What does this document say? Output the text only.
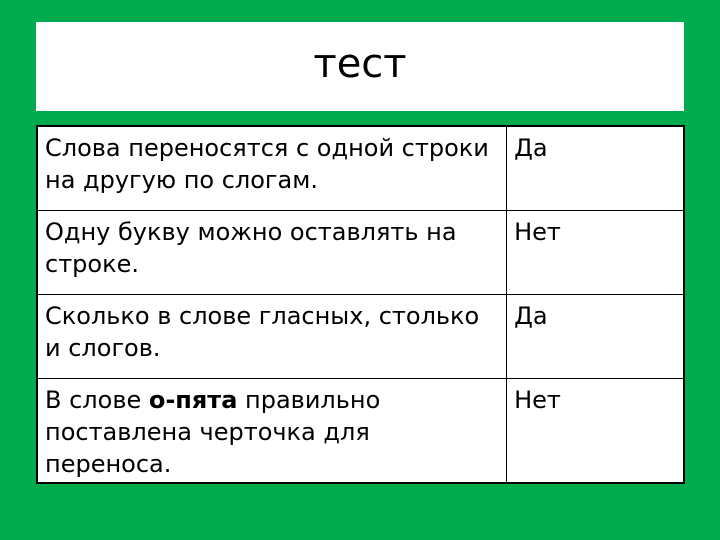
тест
Слова переносятся с одной строки на другую по слогам.	Да
Одну букву можно оставлять на строке.	Нет
Сколько в слове гласных, столько и слогов.	Да
В слове о-пята правильно поставлена черточка для переноса.	Нет
